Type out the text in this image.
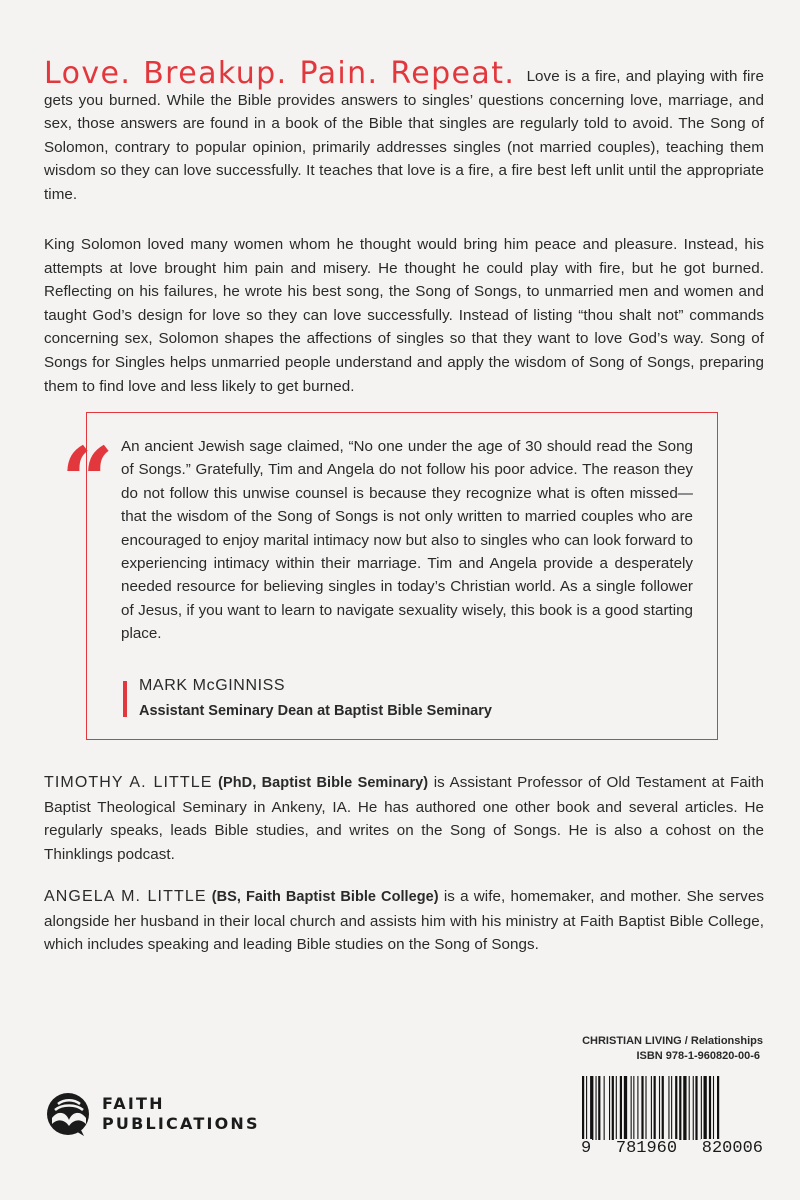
Love. Breakup. Pain. Repeat. Love is a fire, and playing with fire gets you burned. While the Bible provides answers to singles’ questions concerning love, marriage, and sex, those answers are found in a book of the Bible that singles are regularly told to avoid. The Song of Solomon, contrary to popular opinion, primarily addresses singles (not married couples), teaching them wisdom so they can love successfully. It teaches that love is a fire, a fire best left unlit until the appropriate time.
King Solomon loved many women whom he thought would bring him peace and pleasure. Instead, his attempts at love brought him pain and misery. He thought he could play with fire, but he got burned. Reflecting on his failures, he wrote his best song, the Song of Songs, to unmarried men and women and taught God’s design for love so they can love successfully. Instead of listing “thou shalt not” commands concerning sex, Solomon shapes the affections of singles so that they want to love God’s way. Song of Songs for Singles helps unmarried people understand and apply the wisdom of Song of Songs, preparing them to find love and less likely to get burned.
“ An ancient Jewish sage claimed, “No one under the age of 30 should read the Song of Songs.” Gratefully, Tim and Angela do not follow his poor advice. The reason they do not follow this unwise counsel is because they recognize what is often missed—that the wisdom of the Song of Songs is not only written to married couples who are encouraged to enjoy marital intimacy now but also to singles who can look forward to experiencing intimacy within their marriage. Tim and Angela provide a desperately needed resource for believing singles in today’s Christian world. As a single follower of Jesus, if you want to learn to navigate sexuality wisely, this book is a good starting place.
MARK McGINNISS
Assistant Seminary Dean at Baptist Bible Seminary
TIMOTHY A. LITTLE (PhD, Baptist Bible Seminary) is Assistant Professor of Old Testament at Faith Baptist Theological Seminary in Ankeny, IA. He has authored one other book and several articles. He regularly speaks, leads Bible studies, and writes on the Song of Songs. He is also a cohost on the Thinklings podcast.
ANGELA M. LITTLE (BS, Faith Baptist Bible College) is a wife, homemaker, and mother. She serves alongside her husband in their local church and assists him with his ministry at Faith Baptist Bible College, which includes speaking and leading Bible studies on the Song of Songs.
CHRISTIAN LIVING / Relationships
ISBN 978-1-960820-00-6
9 781960 820006
FAITH
PUBLICATIONS
